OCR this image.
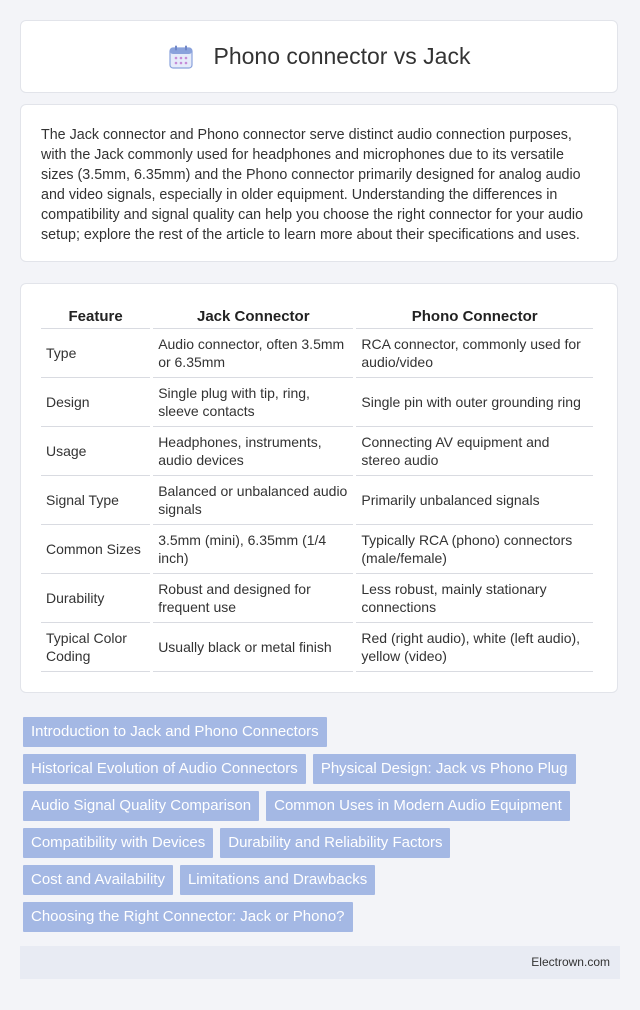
Phono connector vs Jack

The Jack connector and Phono connector serve distinct audio connection purposes, with the Jack commonly used for headphones and microphones due to its versatile sizes (3.5mm, 6.35mm) and the Phono connector primarily designed for analog audio and video signals, especially in older equipment. Understanding the differences in compatibility and signal quality can help you choose the right connector for your audio setup; explore the rest of the article to learn more about their specifications and uses.

Feature	Jack Connector	Phono Connector
Type	Audio connector, often 3.5mm or 6.35mm	RCA connector, commonly used for audio/video
Design	Single plug with tip, ring, sleeve contacts	Single pin with outer grounding ring
Usage	Headphones, instruments, audio devices	Connecting AV equipment and stereo audio
Signal Type	Balanced or unbalanced audio signals	Primarily unbalanced signals
Common Sizes	3.5mm (mini), 6.35mm (1/4 inch)	Typically RCA (phono) connectors (male/female)
Durability	Robust and designed for frequent use	Less robust, mainly stationary connections
Typical Color Coding	Usually black or metal finish	Red (right audio), white (left audio), yellow (video)
Introduction to Jack and Phono Connectors
Historical Evolution of Audio Connectors	Physical Design: Jack vs Phono Plug
Audio Signal Quality Comparison	Common Uses in Modern Audio Equipment
Compatibility with Devices	Durability and Reliability Factors
Cost and Availability	Limitations and Drawbacks
Choosing the Right Connector: Jack or Phono?
Electrown.com
